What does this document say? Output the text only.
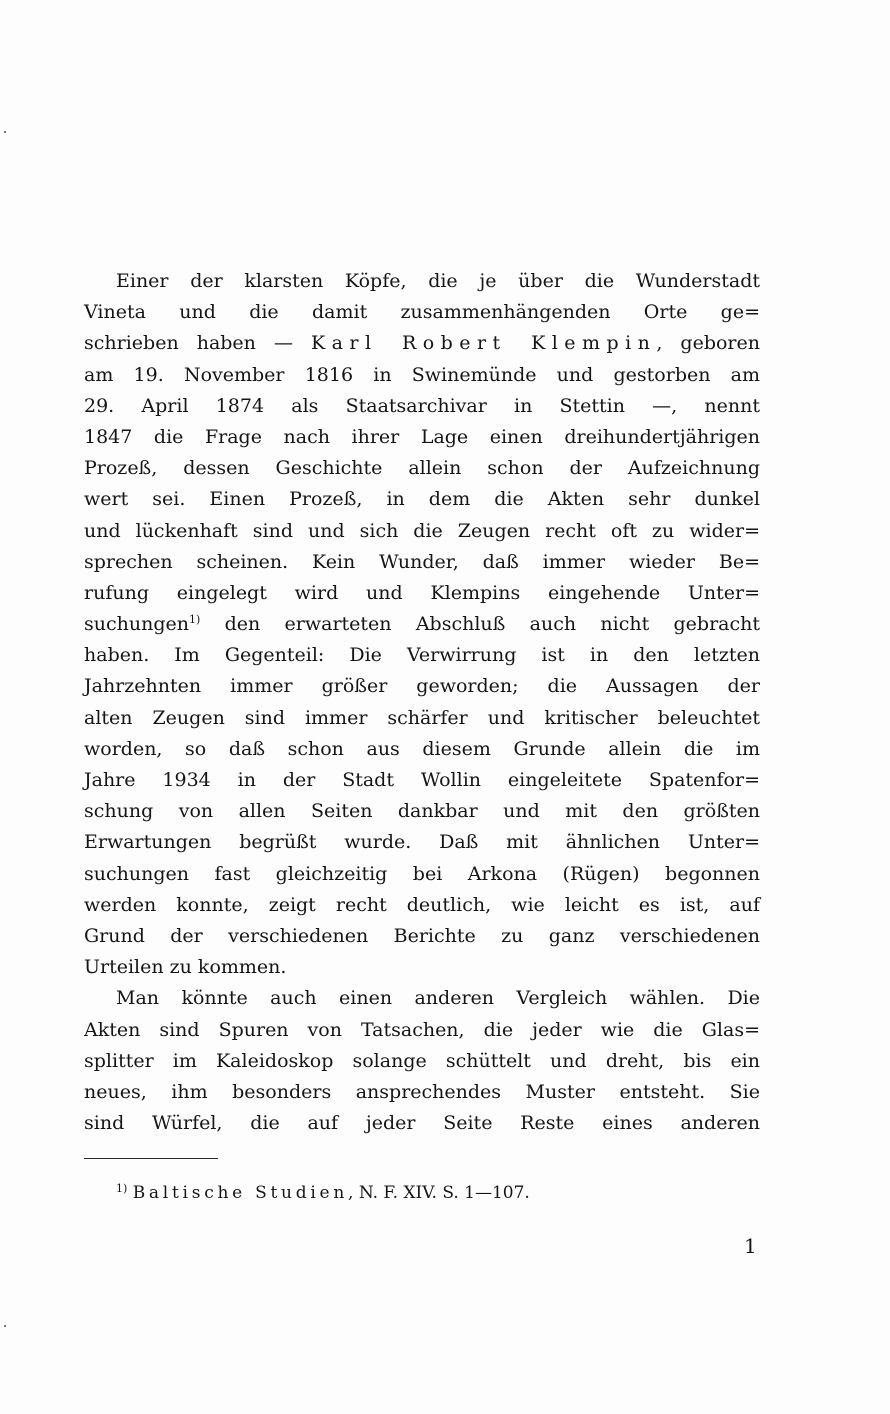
Einer der klarsten Köpfe, die je über die Wunderstadt
Vineta und die damit zusammenhängenden Orte ge=
schrieben haben — Karl Robert Klempin, geboren
am 19. November 1816 in Swinemünde und gestorben am
29. April 1874 als Staatsarchivar in Stettin —, nennt
1847 die Frage nach ihrer Lage einen dreihundertjährigen
Prozeß, dessen Geschichte allein schon der Aufzeichnung
wert sei. Einen Prozeß, in dem die Akten sehr dunkel
und lückenhaft sind und sich die Zeugen recht oft zu wider=
sprechen scheinen. Kein Wunder, daß immer wieder Be=
rufung eingelegt wird und Klempins eingehende Unter=
suchungen$^{1)}$ den erwarteten Abschluß auch nicht gebracht
haben. Im Gegenteil: Die Verwirrung ist in den letzten
Jahrzehnten immer größer geworden; die Aussagen der
alten Zeugen sind immer schärfer und kritischer beleuchtet
worden, so daß schon aus diesem Grunde allein die im
Jahre 1934 in der Stadt Wollin eingeleitete Spatenfor=
schung von allen Seiten dankbar und mit den größten
Erwartungen begrüßt wurde. Daß mit ähnlichen Unter=
suchungen fast gleichzeitig bei Arkona (Rügen) begonnen
werden konnte, zeigt recht deutlich, wie leicht es ist, auf
Grund der verschiedenen Berichte zu ganz verschiedenen
Urteilen zu kommen.
Man könnte auch einen anderen Vergleich wählen. Die
Akten sind Spuren von Tatsachen, die jeder wie die Glas=
splitter im Kaleidoskop solange schüttelt und dreht, bis ein
neues, ihm besonders ansprechendes Muster entsteht. Sie
sind Würfel, die auf jeder Seite Reste eines anderen
$^{1)}$ Baltische Studien, N. F. XIV. S. 1—107.
1
